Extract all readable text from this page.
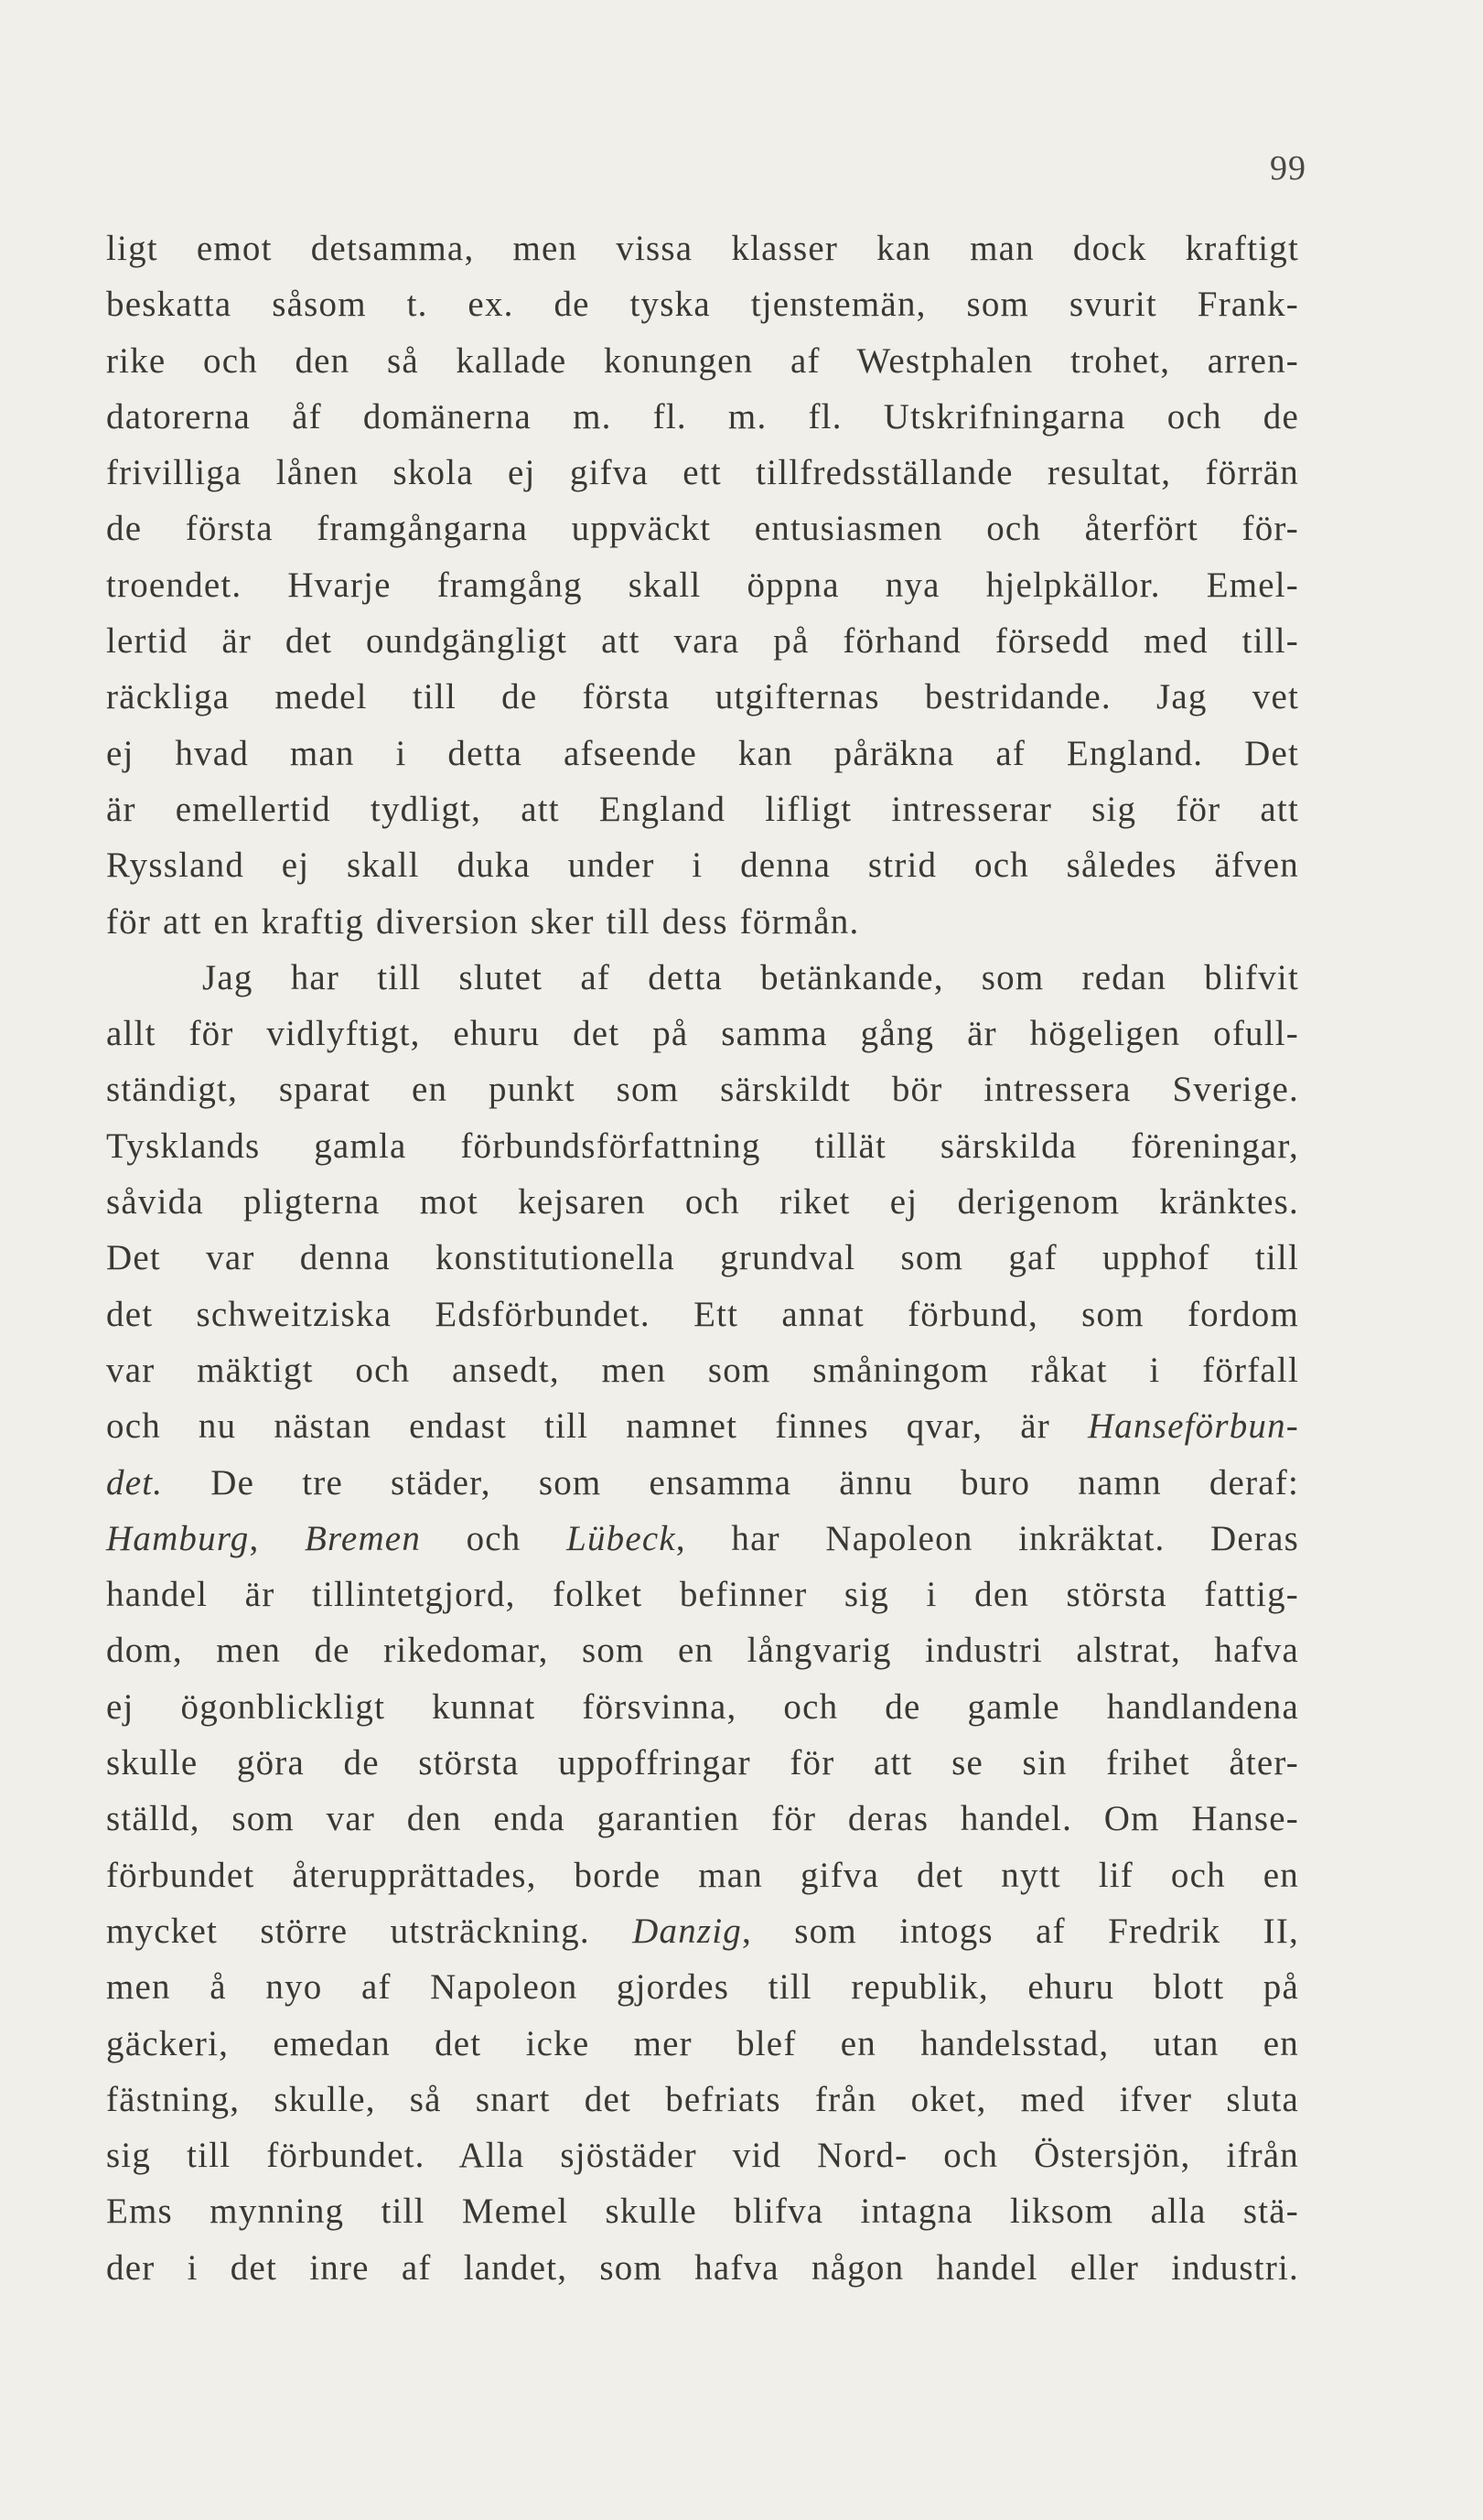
99
ligt emot detsamma, men vissa klasser kan man dock kraftigt
beskatta såsom t. ex. de tyska tjenstemän, som svurit Frank-
rike och den så kallade konungen af Westphalen trohet, arren-
datorerna åf domänerna m. fl. m. fl. Utskrifningarna och de
frivilliga lånen skola ej gifva ett tillfredsställande resultat, förrän
de första framgångarna uppväckt entusiasmen och återfört för-
troendet. Hvarje framgång skall öppna nya hjelpkällor. Emel-
lertid är det oundgängligt att vara på förhand försedd med till-
räckliga medel till de första utgifternas bestridande. Jag vet
ej hvad man i detta afseende kan påräkna af England. Det
är emellertid tydligt, att England lifligt intresserar sig för att
Ryssland ej skall duka under i denna strid och således äfven
för att en kraftig diversion sker till dess förmån.
Jag har till slutet af detta betänkande, som redan blifvit
allt för vidlyftigt, ehuru det på samma gång är högeligen ofull-
ständigt, sparat en punkt som särskildt bör intressera Sverige.
Tysklands gamla förbundsförfattning tillät särskilda föreningar,
såvida pligterna mot kejsaren och riket ej derigenom kränktes.
Det var denna konstitutionella grundval som gaf upphof till
det schweitziska Edsförbundet. Ett annat förbund, som fordom
var mäktigt och ansedt, men som småningom råkat i förfall
och nu nästan endast till namnet finnes qvar, är Hanseförbun-
det. De tre städer, som ensamma ännu buro namn deraf:
Hamburg, Bremen och Lübeck, har Napoleon inkräktat. Deras
handel är tillintetgjord, folket befinner sig i den största fattig-
dom, men de rikedomar, som en långvarig industri alstrat, hafva
ej ögonblickligt kunnat försvinna, och de gamle handlandena
skulle göra de största uppoffringar för att se sin frihet åter-
ställd, som var den enda garantien för deras handel. Om Hanse-
förbundet återupprättades, borde man gifva det nytt lif och en
mycket större utsträckning. Danzig, som intogs af Fredrik II,
men å nyo af Napoleon gjordes till republik, ehuru blott på
gäckeri, emedan det icke mer blef en handelsstad, utan en
fästning, skulle, så snart det befriats från oket, med ifver sluta
sig till förbundet. Alla sjöstäder vid Nord- och Östersjön, ifrån
Ems mynning till Memel skulle blifva intagna liksom alla stä-
der i det inre af landet, som hafva någon handel eller industri.
